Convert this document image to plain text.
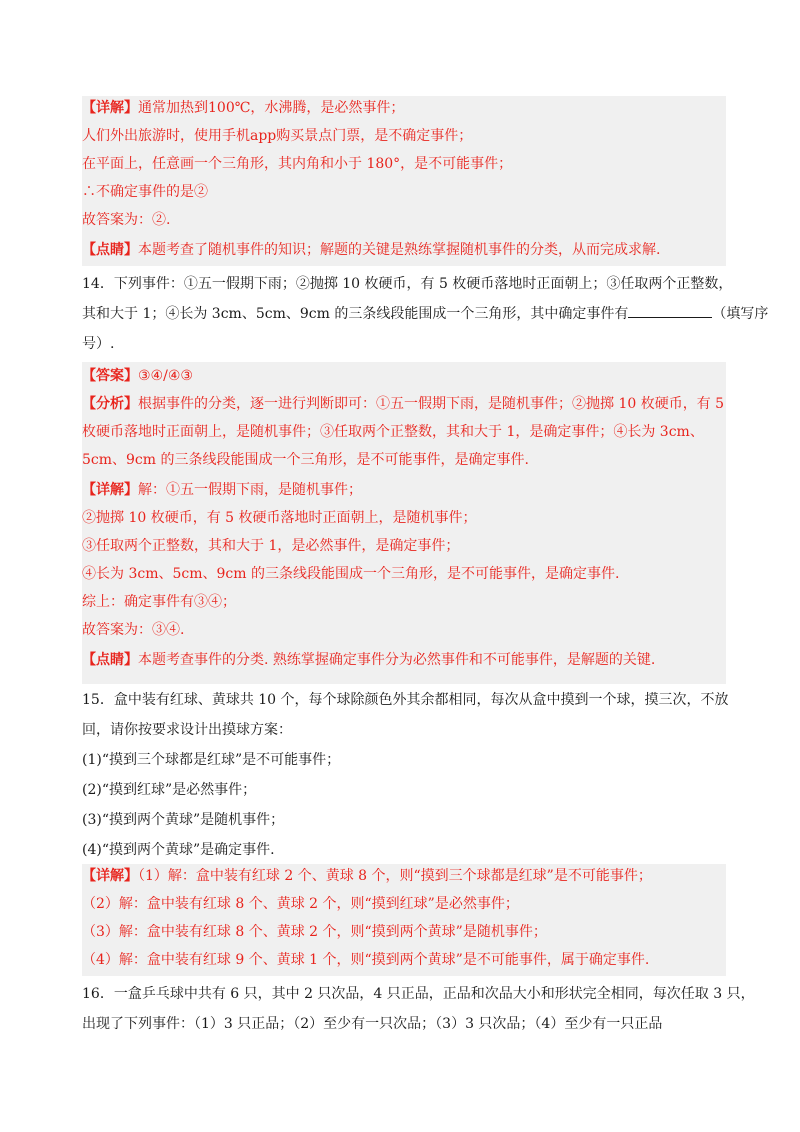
【详解】通常加热到100℃，水沸腾，是必然事件；
人们外出旅游时，使用手机app购买景点门票，是不确定事件；
在平面上，任意画一个三角形，其内角和小于 180°，是不可能事件；
∴不确定事件的是②
故答案为：②.
【点睛】本题考查了随机事件的知识；解题的关键是熟练掌握随机事件的分类，从而完成求解.
14．下列事件：①五一假期下雨；②抛掷 10 枚硬币，有 5 枚硬币落地时正面朝上；③任取两个正整数，
其和大于 1；④长为 3cm、5cm、9cm 的三条线段能围成一个三角形，其中确定事件有	（填写序
号）.
【答案】③④/④③
【分析】根据事件的分类，逐一进行判断即可：①五一假期下雨，是随机事件；②抛掷 10 枚硬币，有 5
枚硬币落地时正面朝上，是随机事件；③任取两个正整数，其和大于 1，是确定事件；④长为 3cm、
5cm、9cm 的三条线段能围成一个三角形，是不可能事件，是确定事件.
【详解】解：①五一假期下雨，是随机事件；
②抛掷 10 枚硬币，有 5 枚硬币落地时正面朝上，是随机事件；
③任取两个正整数，其和大于 1，是必然事件，是确定事件；
④长为 3cm、5cm、9cm 的三条线段能围成一个三角形，是不可能事件，是确定事件.
综上：确定事件有③④；
故答案为：③④.
【点睛】本题考查事件的分类. 熟练掌握确定事件分为必然事件和不可能事件，是解题的关键.
15．盒中装有红球、黄球共 10 个，每个球除颜色外其余都相同，每次从盒中摸到一个球，摸三次，不放
回，请你按要求设计出摸球方案：
(1)“摸到三个球都是红球”是不可能事件；
(2)“摸到红球”是必然事件；
(3)“摸到两个黄球”是随机事件；
(4)“摸到两个黄球”是确定事件.
【详解】（1）解：盒中装有红球 2 个、黄球 8 个，则“摸到三个球都是红球”是不可能事件；
（2）解：盒中装有红球 8 个、黄球 2 个，则“摸到红球”是必然事件；
（3）解：盒中装有红球 8 个、黄球 2 个，则“摸到两个黄球”是随机事件；
（4）解：盒中装有红球 9 个、黄球 1 个，则“摸到两个黄球”是不可能事件，属于确定事件.
16．一盒乒乓球中共有 6 只，其中 2 只次品，4 只正品，正品和次品大小和形状完全相同，每次任取 3 只，
出现了下列事件：（1）3 只正品；（2）至少有一只次品；（3）3 只次品；（4）至少有一只正品
